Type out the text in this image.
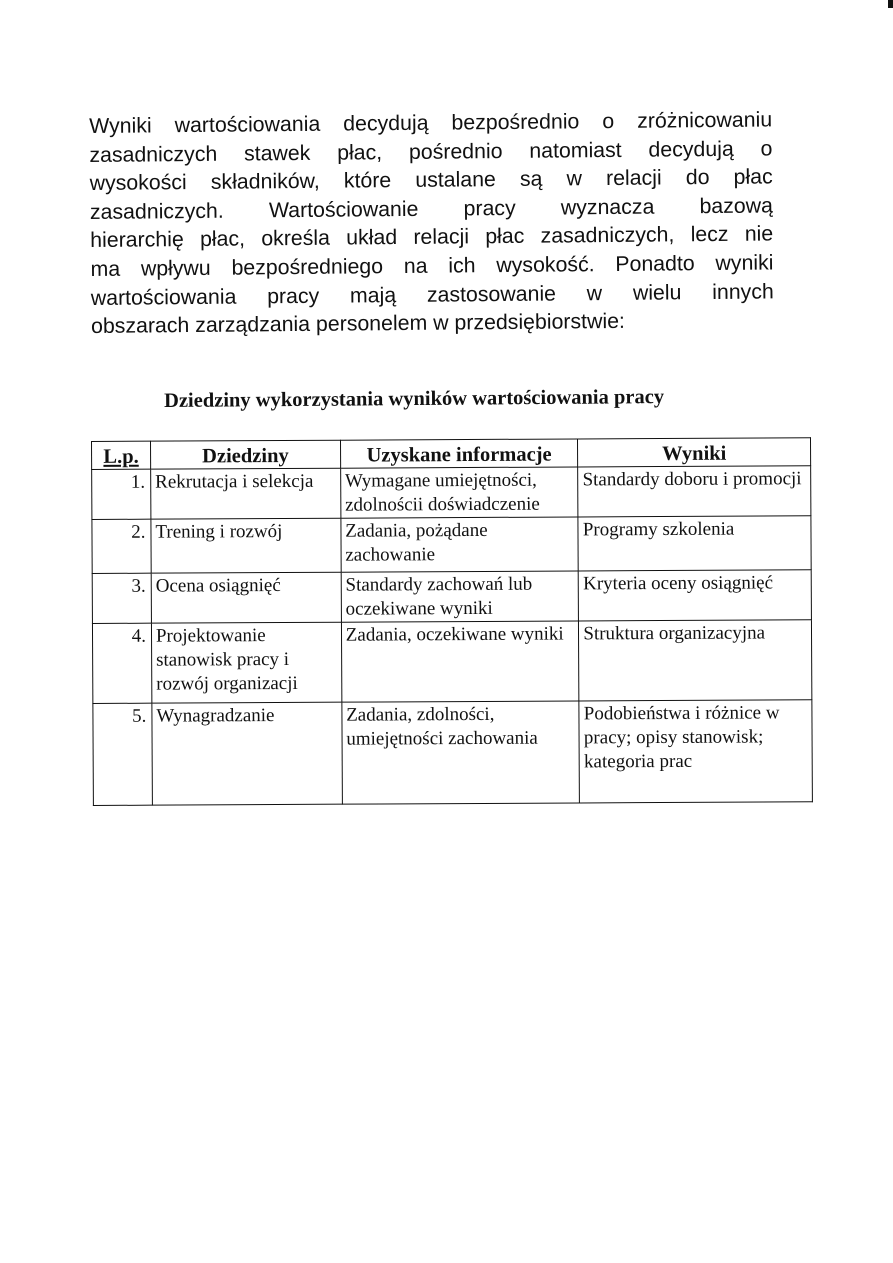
Wyniki wartościowania decydują bezpośrednio o zróżnicowaniu
zasadniczych stawek płac, pośrednio natomiast decydują o
wysokości składników, które ustalane są w relacji do płac
zasadniczych. Wartościowanie pracy wyznacza bazową
hierarchię płac, określa układ relacji płac zasadniczych, lecz nie
ma wpływu bezpośredniego na ich wysokość. Ponadto wyniki
wartościowania pracy mają zastosowanie w wielu innych
obszarach zarządzania personelem w przedsiębiorstwie:
Dziedziny wykorzystania wyników wartościowania pracy
L.p.	Dziedziny	Uzyskane informacje	Wyniki
1.	Rekrutacja i selekcja	Wymagane umiejętności, zdolnościi doświadczenie	Standardy doboru i promocji
2.	Trening i rozwój	Zadania, pożądane zachowanie	Programy szkolenia
3.	Ocena osiągnięć	Standardy zachowań lub oczekiwane wyniki	Kryteria oceny osiągnięć
4.	Projektowanie stanowisk pracy i rozwój organizacji	Zadania, oczekiwane wyniki	Struktura organizacyjna
5.	Wynagradzanie	Zadania, zdolności, umiejętności zachowania	Podobieństwa i różnice w pracy; opisy stanowisk; kategoria prac
